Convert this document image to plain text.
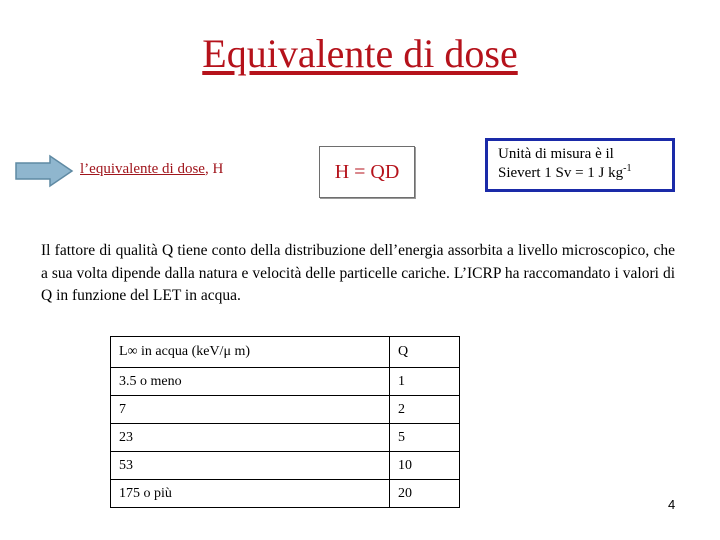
Equivalente di dose
l’equivalente di dose, H	H = QD
Unità di misura è il
Sievert 1 Sv = 1 J $kg^{-1}$
Il fattore di qualità Q tiene conto della distribuzione dell’energia assorbita a livello microscopico, che a sua volta dipende dalla natura e velocità delle particelle cariche. L’ICRP ha raccomandato i valori di Q in funzione del LET in acqua.
L∞ in acqua (keV/μ m)	Q
3.5 o meno	1
7	2
23	5
53	10
175 o più	20
4
